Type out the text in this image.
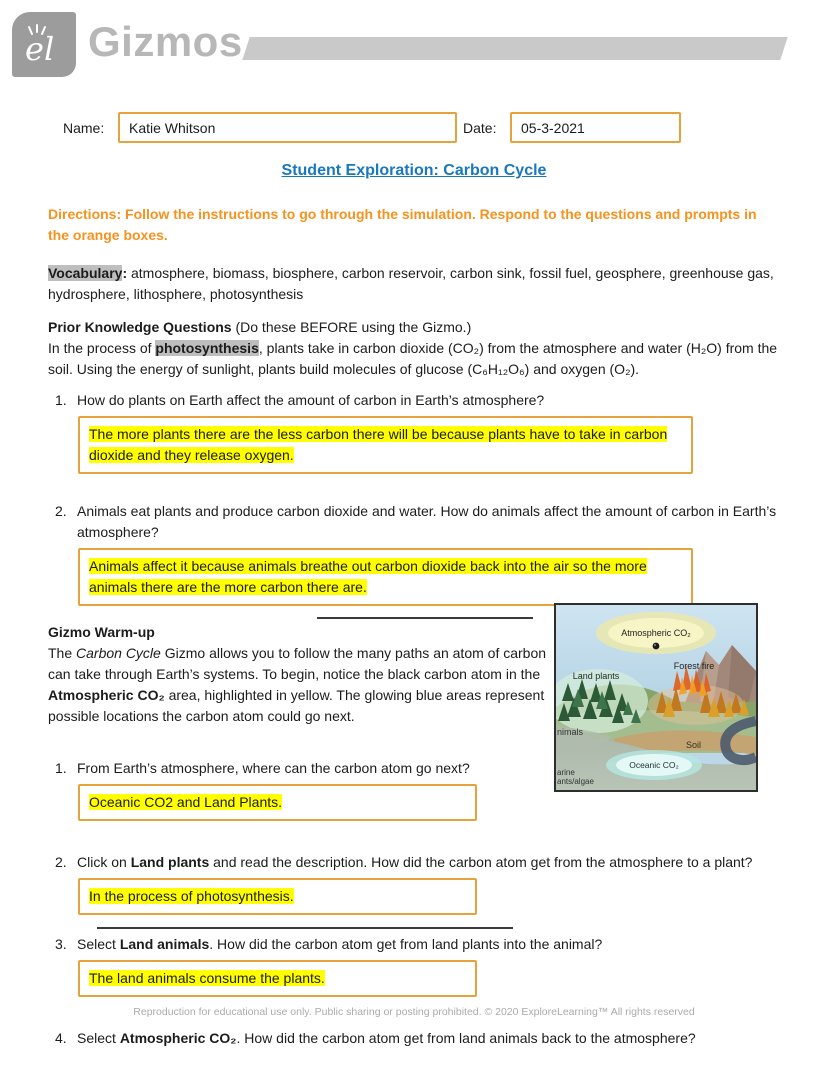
el Gizmos
Name:
Katie Whitson	Date:
05-3-2021
Student Exploration: Carbon Cycle
Directions: Follow the instructions to go through the simulation. Respond to the questions and prompts in the orange boxes.
Vocabulary: atmosphere, biomass, biosphere, carbon reservoir, carbon sink, fossil fuel, geosphere, greenhouse gas, hydrosphere, lithosphere, photosynthesis
Prior Knowledge Questions (Do these BEFORE using the Gizmo.)
In the process of photosynthesis, plants take in carbon dioxide (CO₂) from the atmosphere and water (H₂O) from the soil. Using the energy of sunlight, plants build molecules of glucose (C₆H₁₂O₆) and oxygen (O₂).
1. How do plants on Earth affect the amount of carbon in Earth’s atmosphere?
The more plants there are the less carbon there will be because plants have to take in carbon dioxide and they release oxygen.
2. Animals eat plants and produce carbon dioxide and water. How do animals affect the amount of carbon in Earth’s atmosphere?
Animals affect it because animals breathe out carbon dioxide back into the air so the more animals there are the more carbon there are.
Atmospheric CO₂
Forest fire
Land plants
nimals
Soil
Oceanic CO₂
arine
ants/algae
Gizmo Warm-up
The Carbon Cycle Gizmo allows you to follow the many paths an atom of carbon can take through Earth’s systems. To begin, notice the black carbon atom in the Atmospheric CO₂ area, highlighted in yellow. The glowing blue areas represent possible locations the carbon atom could go next.
1. From Earth’s atmosphere, where can the carbon atom go next?
Oceanic CO2 and Land Plants.
2. Click on Land plants and read the description. How did the carbon atom get from the atmosphere to a plant?
In the process of photosynthesis.
3. Select Land animals. How did the carbon atom get from land plants into the animal?
The land animals consume the plants.
4. Select Atmospheric CO₂. How did the carbon atom get from land animals back to the atmosphere?
Reproduction for educational use only. Public sharing or posting prohibited. © 2020 ExploreLearning™ All rights reserved
